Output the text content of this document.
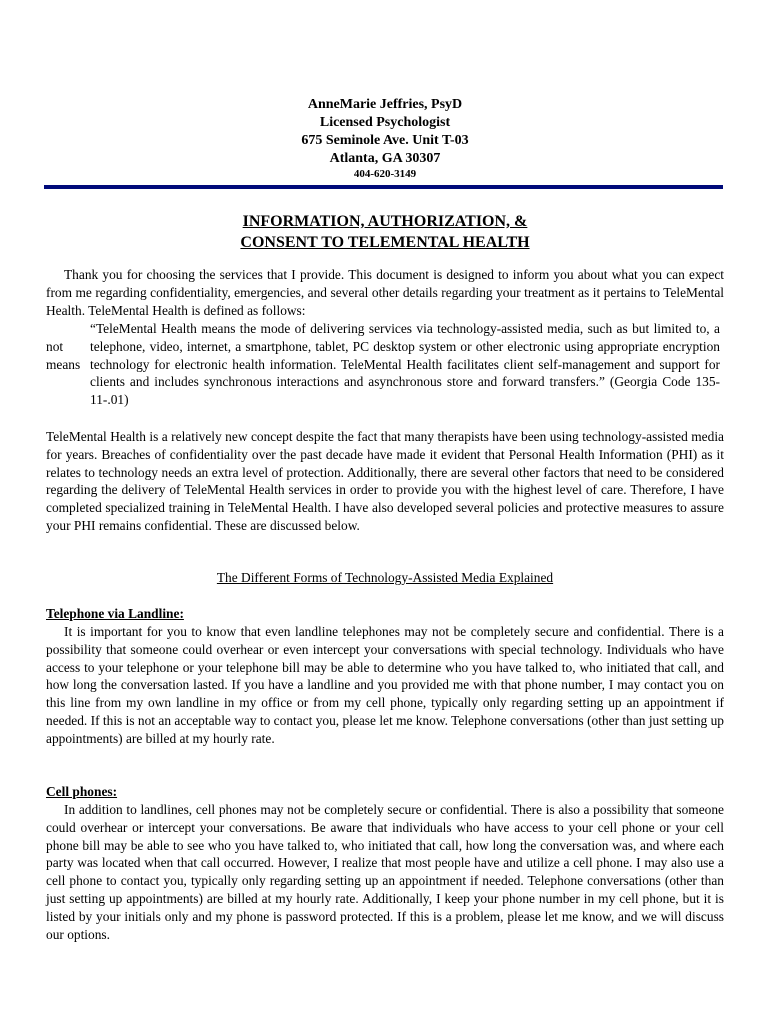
AnneMarie Jeffries, PsyD
Licensed Psychologist
675 Seminole Ave. Unit T-03
Atlanta, GA 30307
404-620-3149
INFORMATION, AUTHORIZATION, &
CONSENT TO TELEMENTAL HEALTH
Thank you for choosing the services that I provide. This document is designed to inform you about what you can expect from me regarding confidentiality, emergencies, and several other details regarding your treatment as it pertains to TeleMental Health. TeleMental Health is defined as follows:
not
means
“TeleMental Health means the mode of delivering services via technology-assisted media, such as but limited to, a telephone, video, internet, a smartphone, tablet, PC desktop system or other electronic using appropriate encryption technology for electronic health information. TeleMental Health facilitates client self-management and support for clients and includes synchronous interactions and asynchronous store and forward transfers.” (Georgia Code 135-11-.01)
TeleMental Health is a relatively new concept despite the fact that many therapists have been using technology-assisted media for years. Breaches of confidentiality over the past decade have made it evident that Personal Health Information (PHI) as it relates to technology needs an extra level of protection. Additionally, there are several other factors that need to be considered regarding the delivery of TeleMental Health services in order to provide you with the highest level of care. Therefore, I have completed specialized training in TeleMental Health. I have also developed several policies and protective measures to assure your PHI remains confidential. These are discussed below.
The Different Forms of Technology-Assisted Media Explained
Telephone via Landline:
It is important for you to know that even landline telephones may not be completely secure and confidential. There is a possibility that someone could overhear or even intercept your conversations with special technology. Individuals who have access to your telephone or your telephone bill may be able to determine who you have talked to, who initiated that call, and how long the conversation lasted. If you have a landline and you provided me with that phone number, I may contact you on this line from my own landline in my office or from my cell phone, typically only regarding setting up an appointment if needed. If this is not an acceptable way to contact you, please let me know. Telephone conversations (other than just setting up appointments) are billed at my hourly rate.
Cell phones:
In addition to landlines, cell phones may not be completely secure or confidential. There is also a possibility that someone could overhear or intercept your conversations. Be aware that individuals who have access to your cell phone or your cell phone bill may be able to see who you have talked to, who initiated that call, how long the conversation was, and where each party was located when that call occurred. However, I realize that most people have and utilize a cell phone. I may also use a cell phone to contact you, typically only regarding setting up an appointment if needed. Telephone conversations (other than just setting up appointments) are billed at my hourly rate. Additionally, I keep your phone number in my cell phone, but it is listed by your initials only and my phone is password protected. If this is a problem, please let me know, and we will discuss our options.
